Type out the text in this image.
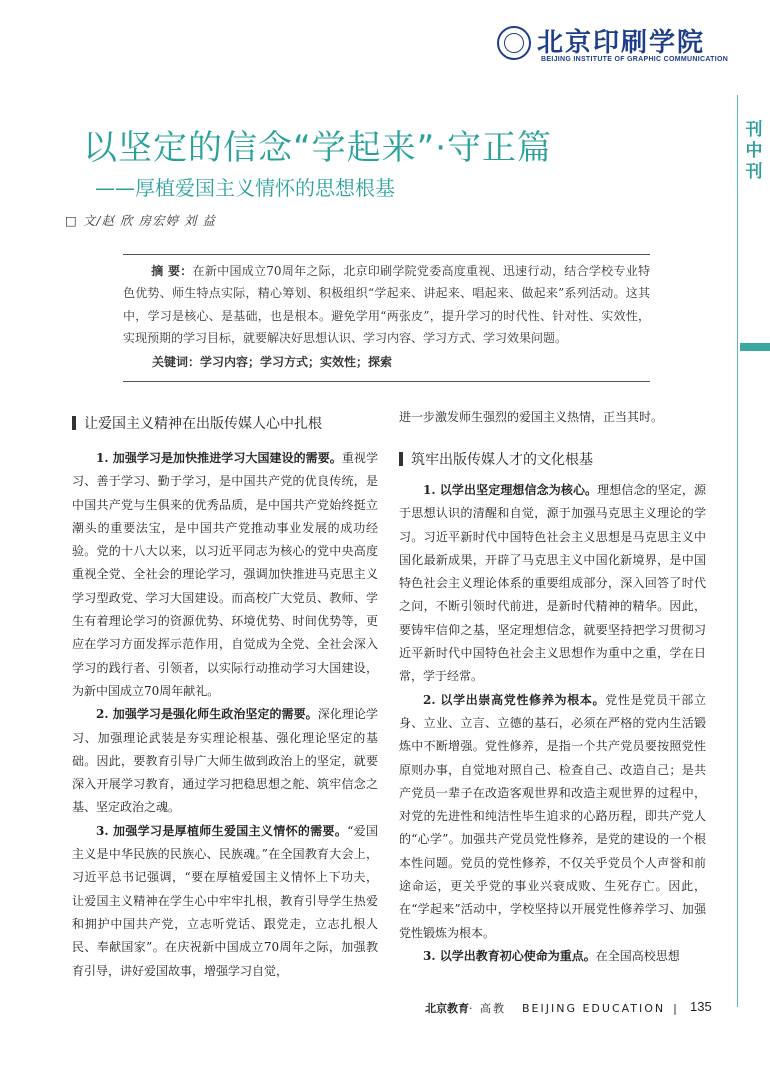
北京印刷学院
BEIJING INSTITUTE OF GRAPHIC COMMUNICATION
刊中刊
以坚定的信念“学起来”·守正篇
——厚植爱国主义情怀的思想根基
□ 文/赵 欣 房宏婷 刘 益
摘 要：在新中国成立70周年之际，北京印刷学院党委高度重视、迅速行动，结合学校专业特色优势、师生特点实际，精心筹划、积极组织“学起来、讲起来、唱起来、做起来”系列活动。这其中，学习是核心、是基础，也是根本。避免学用“两张皮”，提升学习的时代性、针对性、实效性，实现预期的学习目标，就要解决好思想认识、学习内容、学习方式、学习效果问题。
关键词：学习内容；学习方式；实效性；探索
让爱国主义精神在出版传媒人心中扎根

1. 加强学习是加快推进学习大国建设的需要。重视学习、善于学习、勤于学习，是中国共产党的优良传统，是中国共产党与生俱来的优秀品质，是中国共产党始终挺立潮头的重要法宝，是中国共产党推动事业发展的成功经验。党的十八大以来，以习近平同志为核心的党中央高度重视全党、全社会的理论学习，强调加快推进马克思主义学习型政党、学习大国建设。而高校广大党员、教师、学生有着理论学习的资源优势、环境优势、时间优势等，更应在学习方面发挥示范作用，自觉成为全党、全社会深入学习的践行者、引领者，以实际行动推动学习大国建设，为新中国成立70周年献礼。

2. 加强学习是强化师生政治坚定的需要。深化理论学习、加强理论武装是夯实理论根基、强化理论坚定的基础。因此，要教育引导广大师生做到政治上的坚定，就要深入开展学习教育，通过学习把稳思想之舵、筑牢信念之基、坚定政治之魂。

3. 加强学习是厚植师生爱国主义情怀的需要。“爱国主义是中华民族的民族心、民族魂。”在全国教育大会上，习近平总书记强调，“要在厚植爱国主义情怀上下功夫，让爱国主义精神在学生心中牢牢扎根，教育引导学生热爱和拥护中国共产党，立志听党话、跟党走，立志扎根人民、奉献国家”。在庆祝新中国成立70周年之际，加强教育引导，讲好爱国故事，增强学习自觉，

进一步激发师生强烈的爱国主义热情，正当其时。

筑牢出版传媒人才的文化根基

1. 以学出坚定理想信念为核心。理想信念的坚定，源于思想认识的清醒和自觉，源于加强马克思主义理论的学习。习近平新时代中国特色社会主义思想是马克思主义中国化最新成果，开辟了马克思主义中国化新境界，是中国特色社会主义理论体系的重要组成部分，深入回答了时代之问，不断引领时代前进，是新时代精神的精华。因此，要铸牢信仰之基，坚定理想信念，就要坚持把学习贯彻习近平新时代中国特色社会主义思想作为重中之重，学在日常，学于经常。

2. 以学出崇高党性修养为根本。党性是党员干部立身、立业、立言、立德的基石，必须在严格的党内生活锻炼中不断增强。党性修养，是指一个共产党员要按照党性原则办事，自觉地对照自己、检查自己、改造自己；是共产党员一辈子在改造客观世界和改造主观世界的过程中，对党的先进性和纯洁性毕生追求的心路历程，即共产党人的“心学”。加强共产党员党性修养，是党的建设的一个根本性问题。党员的党性修养，不仅关乎党员个人声誉和前途命运，更关乎党的事业兴衰成败、生死存亡。因此，在“学起来”活动中，学校坚持以开展党性修养学习、加强党性锻炼为根本。

3. 以学出教育初心使命为重点。在全国高校思想

北京教育· 高教 BEIJING EDUCATION | 135
